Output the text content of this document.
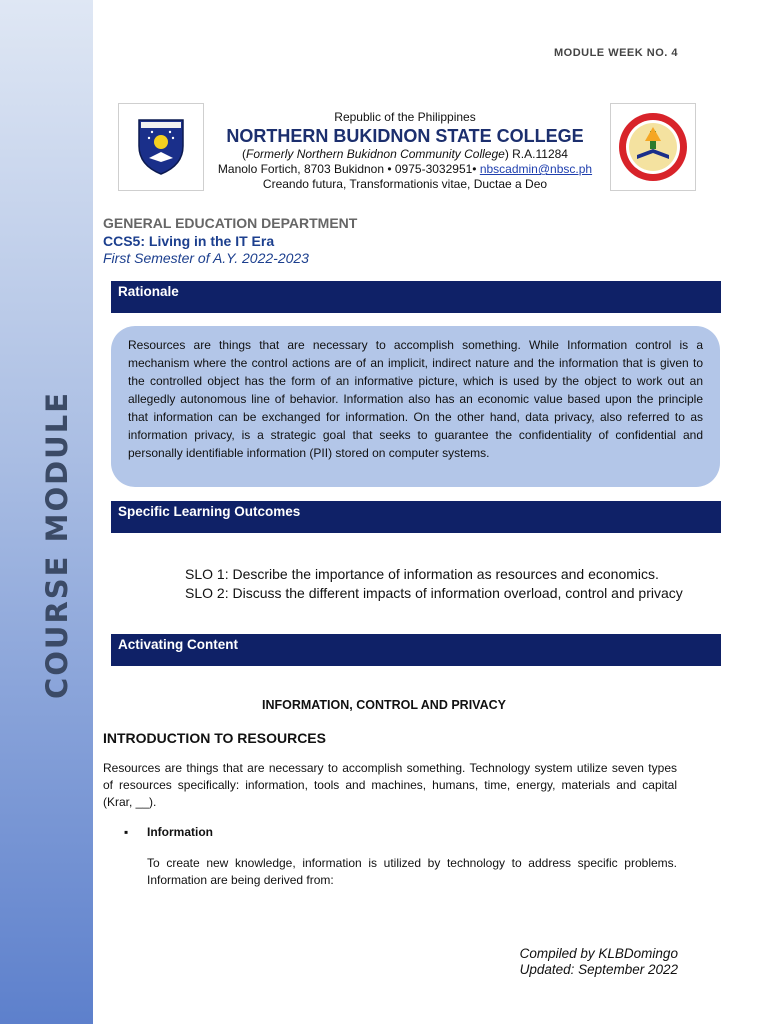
COURSE MODULE
MODULE WEEK NO. 4
Republic of the Philippines
NORTHERN BUKIDNON STATE COLLEGE
(Formerly Northern Bukidnon Community College) R.A.11284
Manolo Fortich, 8703 Bukidnon • 0975-3032951• nbscadmin@nbsc.ph
Creando futura, Transformationis vitae, Ductae a Deo
GENERAL EDUCATION DEPARTMENT
CCS5: Living in the IT Era
First Semester of A.Y. 2022-2023
Rationale
Resources are things that are necessary to accomplish something. While Information control is a mechanism where the control actions are of an implicit, indirect nature and the information that is given to the controlled object has the form of an informative picture, which is used by the object to work out an allegedly autonomous line of behavior. Information also has an economic value based upon the principle that information can be exchanged for information. On the other hand, data privacy, also referred to as information privacy, is a strategic goal that seeks to guarantee the confidentiality of confidential and personally identifiable information (PII) stored on computer systems.
Specific Learning Outcomes
SLO 1: Describe the importance of information as resources and economics.
SLO 2: Discuss the different impacts of information overload, control and privacy
Activating Content
INFORMATION, CONTROL AND PRIVACY
INTRODUCTION TO RESOURCES
Resources are things that are necessary to accomplish something. Technology system utilize seven types of resources specifically: information, tools and machines, humans, time, energy, materials and capital (Krar, __).
▪ Information
To create new knowledge, information is utilized by technology to address specific problems. Information are being derived from:
Compiled by KLBDomingo
Updated: September 2022
